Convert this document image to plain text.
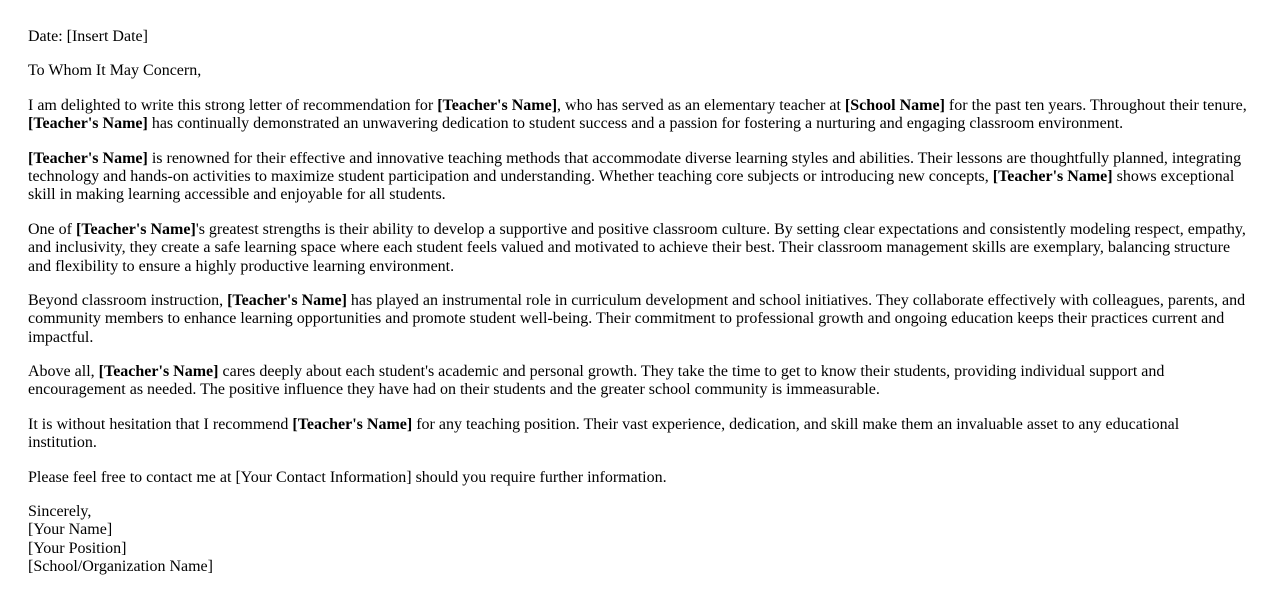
Date: [Insert Date]

To Whom It May Concern,

I am delighted to write this strong letter of recommendation for [Teacher's Name], who has served as an elementary teacher at [School Name] for the past ten years. Throughout their tenure, [Teacher's Name] has continually demonstrated an unwavering dedication to student success and a passion for fostering a nurturing and engaging classroom environment.

[Teacher's Name] is renowned for their effective and innovative teaching methods that accommodate diverse learning styles and abilities. Their lessons are thoughtfully planned, integrating technology and hands-on activities to maximize student participation and understanding. Whether teaching core subjects or introducing new concepts, [Teacher's Name] shows exceptional skill in making learning accessible and enjoyable for all students.

One of [Teacher's Name]'s greatest strengths is their ability to develop a supportive and positive classroom culture. By setting clear expectations and consistently modeling respect, empathy, and inclusivity, they create a safe learning space where each student feels valued and motivated to achieve their best. Their classroom management skills are exemplary, balancing structure and flexibility to ensure a highly productive learning environment.

Beyond classroom instruction, [Teacher's Name] has played an instrumental role in curriculum development and school initiatives. They collaborate effectively with colleagues, parents, and community members to enhance learning opportunities and promote student well-being. Their commitment to professional growth and ongoing education keeps their practices current and impactful.

Above all, [Teacher's Name] cares deeply about each student's academic and personal growth. They take the time to get to know their students, providing individual support and encouragement as needed. The positive influence they have had on their students and the greater school community is immeasurable.

It is without hesitation that I recommend [Teacher's Name] for any teaching position. Their vast experience, dedication, and skill make them an invaluable asset to any educational institution.

Please feel free to contact me at [Your Contact Information] should you require further information.

Sincerely,
[Your Name]
[Your Position]
[School/Organization Name]
